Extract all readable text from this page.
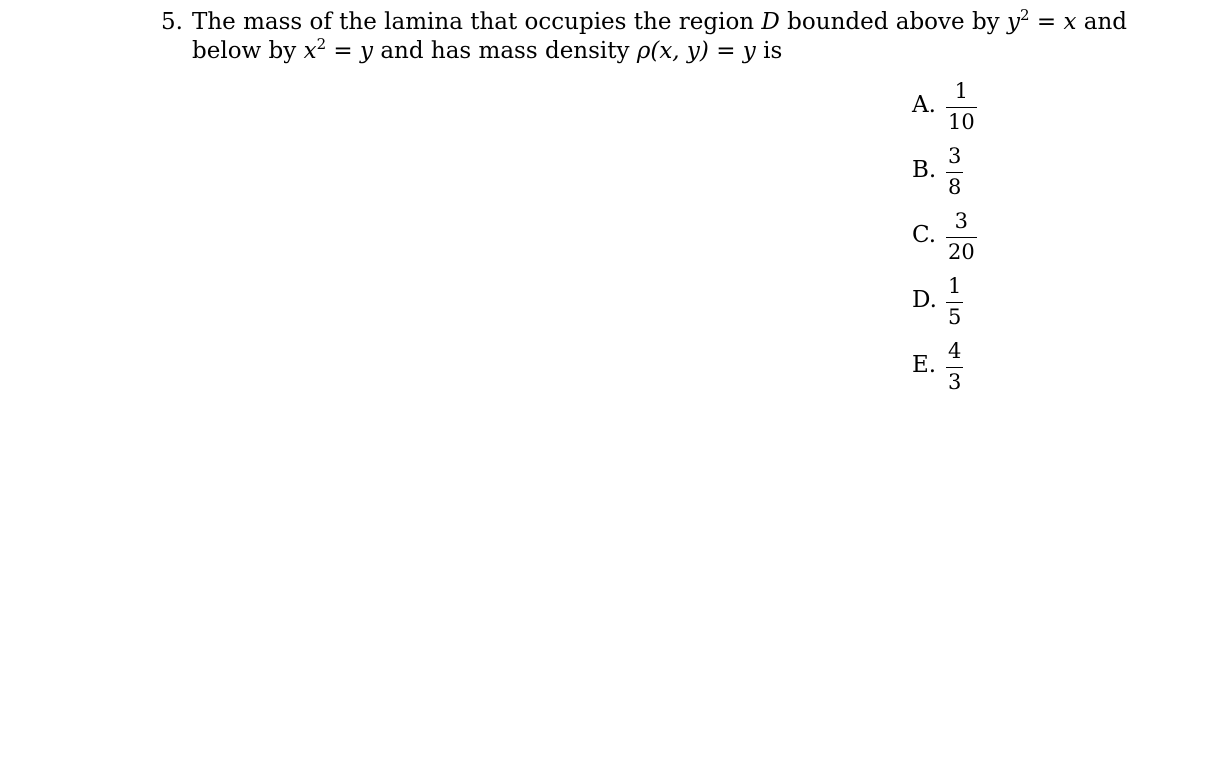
5. The mass of the lamina that occupies the region D bounded above by $y^2 = x$ and
below by $x^2 = y$ and has mass density ρ(x, y) = y is
A.
1
10
B.
3
8
C.
3
20
D.
1
5
E.
4
3
